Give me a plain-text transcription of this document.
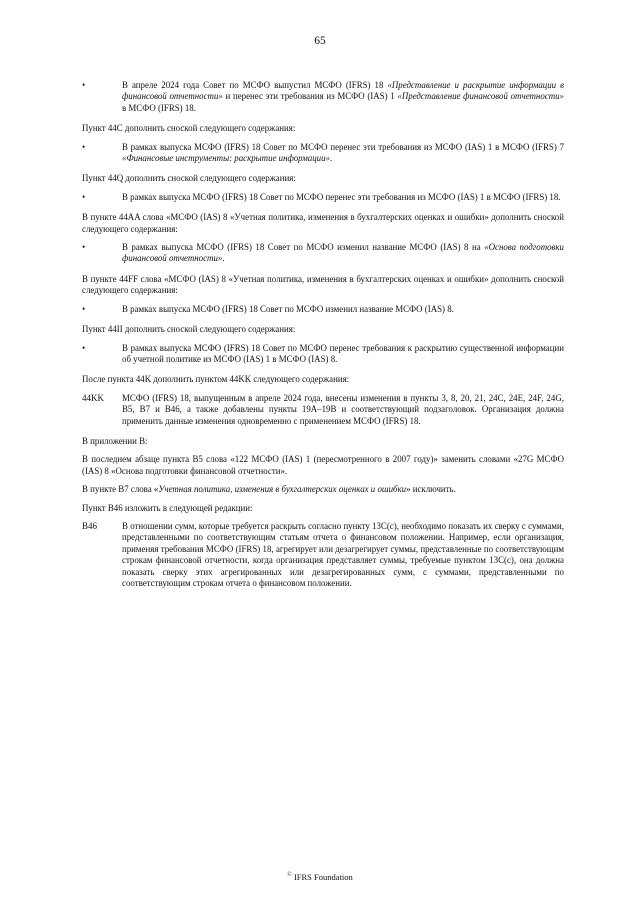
65
•	В апреле 2024 года Совет по МСФО выпустил МСФО (IFRS) 18 «Представление и раскрытие информации в финансовой отчетности» и перенес эти требования из МСФО (IAS) 1 «Представление финансовой отчетности» в МСФО (IFRS) 18.
Пункт 44C дополнить сноской следующего содержания:
•	В рамках выпуска МСФО (IFRS) 18 Совет по МСФО перенес эти требования из МСФО (IAS) 1 в МСФО (IFRS) 7 «Финансовые инструменты: раскрытие информации».
Пункт 44Q дополнить сноской следующего содержания:
•	В рамках выпуска МСФО (IFRS) 18 Совет по МСФО перенес эти требования из МСФО (IAS) 1 в МСФО (IFRS) 18.
В пункте 44AA слова «МСФО (IAS) 8 «Учетная политика, изменения в бухгалтерских оценках и ошибки» дополнить сноской следующего содержания:
•	В рамках выпуска МСФО (IFRS) 18 Совет по МСФО изменил название МСФО (IAS) 8 на «Основа подготовки финансовой отчетности».
В пункте 44FF слова «МСФО (IAS) 8 «Учетная политика, изменения в бухгалтерских оценках и ошибки» дополнить сноской следующего содержания:
•	В рамках выпуска МСФО (IFRS) 18 Совет по МСФО изменил название МСФО (IAS) 8.
Пункт 44II дополнить сноской следующего содержания:
•	В рамках выпуска МСФО (IFRS) 18 Совет по МСФО перенес требования к раскрытию существенной информации об учетной политике из МСФО (IAS) 1 в МСФО (IAS) 8.
После пункта 44K дополнить пунктом 44KK следующего содержания:
44KK	МСФО (IFRS) 18, выпущенным в апреле 2024 года, внесены изменения в пункты 3, 8, 20, 21, 24C, 24E, 24F, 24G, B5, B7 и B46, а также добавлены пункты 19A–19B и соответствующий подзаголовок. Организация должна применить данные изменения одновременно с применением МСФО (IFRS) 18.
В приложении B:
В последнем абзаце пункта B5 слова «122 МСФО (IAS) 1 (пересмотренного в 2007 году)» заменить словами «27G МСФО (IAS) 8 «Основа подготовки финансовой отчетности».
В пункте B7 слова «Учетная политика, изменения в бухгалтерских оценках и ошибки» исключить.
Пункт B46 изложить в следующей редакции:
B46	В отношении сумм, которые требуется раскрыть согласно пункту 13C(c), необходимо показать их сверку с суммами, представленными по соответствующим статьям отчета о финансовом положении. Например, если организация, применяя требования МСФО (IFRS) 18, агрегирует или дезагрегирует суммы, представленные по соответствующим строкам финансовой отчетности, когда организация представляет суммы, требуемые пунктом 13C(c), она должна показать сверку этих агрегированных или дезагрегированных сумм, с суммами, представленными по соответствующим строкам отчета о финансовом положении.
© IFRS Foundation
